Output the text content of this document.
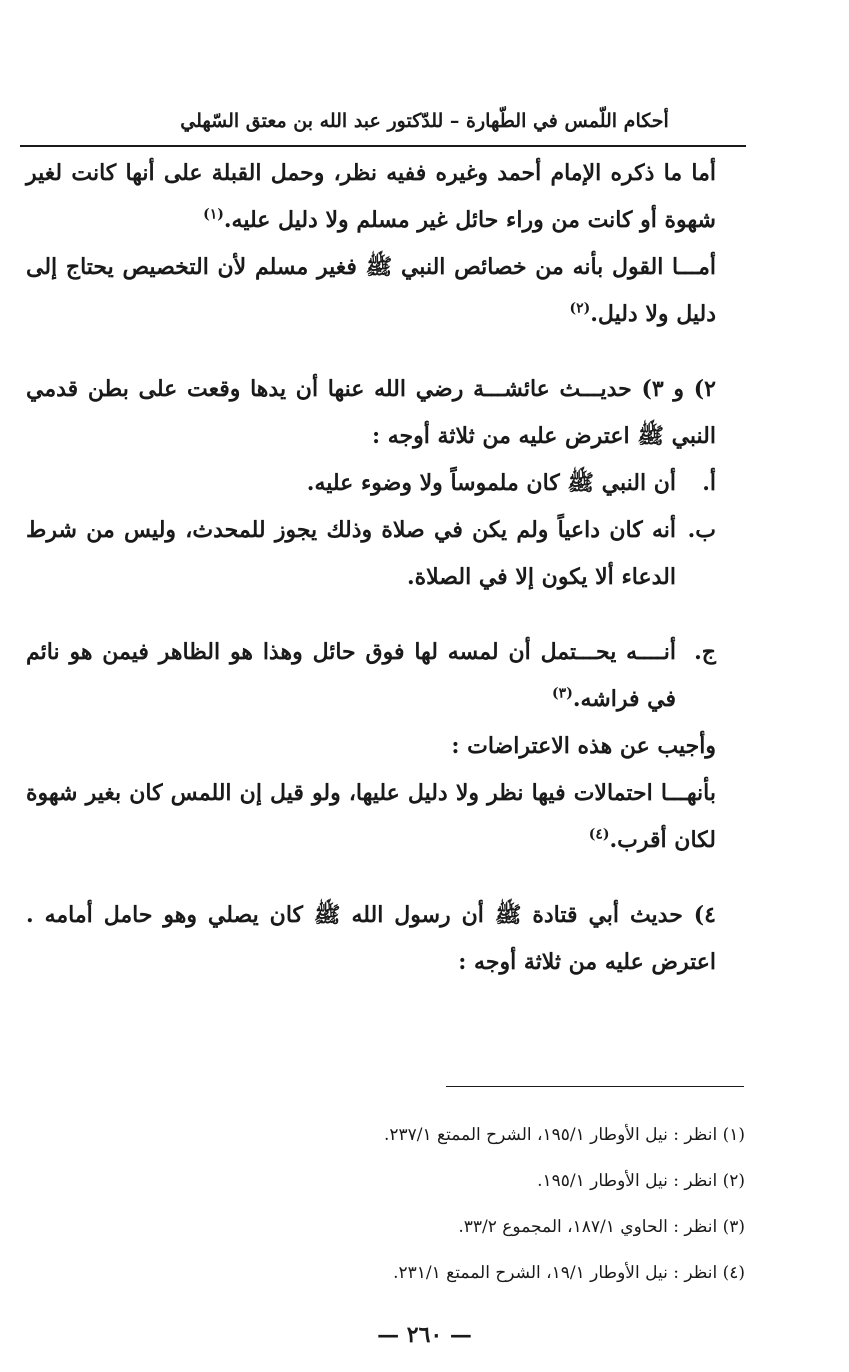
أحكام اللّمس في الطّهارة – للدّكتور عبد الله بن معتق السّهلي

أما ما ذكره الإمام أحمد وغيره ففيه نظر، وحمل القبلة على أنها كانت لغير شهوة أو كانت من وراء حائل غير مسلم ولا دليل عليه.$^{(١)}$

أمـــا القول بأنه من خصائص النبي ﷺ فغير مسلم لأن التخصيص يحتاج إلى دليل ولا دليل.$^{(٢)}$

٢) و ٣) حديـــث عائشـــة رضي الله عنها أن يدها وقعت على بطن قدمي النبي ﷺ اعترض عليه من ثلاثة أوجه :

أ.
أن النبي ﷺ كان ملموساً ولا وضوء عليه.
ب.
أنه كان داعياً ولم يكن في صلاة وذلك يجوز للمحدث، وليس من شرط الدعاء ألا يكون إلا في الصلاة.
ج.
أنــــه يحـــتمل أن لمسه لها فوق حائل وهذا هو الظاهر فيمن هو نائم في فراشه.$^{(٣)}$

وأجيب عن هذه الاعتراضات :

بأنهـــا احتمالات فيها نظر ولا دليل عليها، ولو قيل إن اللمس كان بغير شهوة لكان أقرب.$^{(٤)}$

٤) حديث أبي قتادة ﷺ أن رسول الله ﷺ كان يصلي وهو حامل أمامه . اعترض عليه من ثلاثة أوجه :

(١) انظر : نيل الأوطار ١٩٥/١، الشرح الممتع ٢٣٧/١.

(٢) انظر : نيل الأوطار ١٩٥/١.

(٣) انظر : الحاوي ١٨٧/١، المجموع ٣٣/٢.

(٤) انظر : نيل الأوطار ١٩/١، الشرح الممتع ٢٣١/١.

— ٢٦٠ —
